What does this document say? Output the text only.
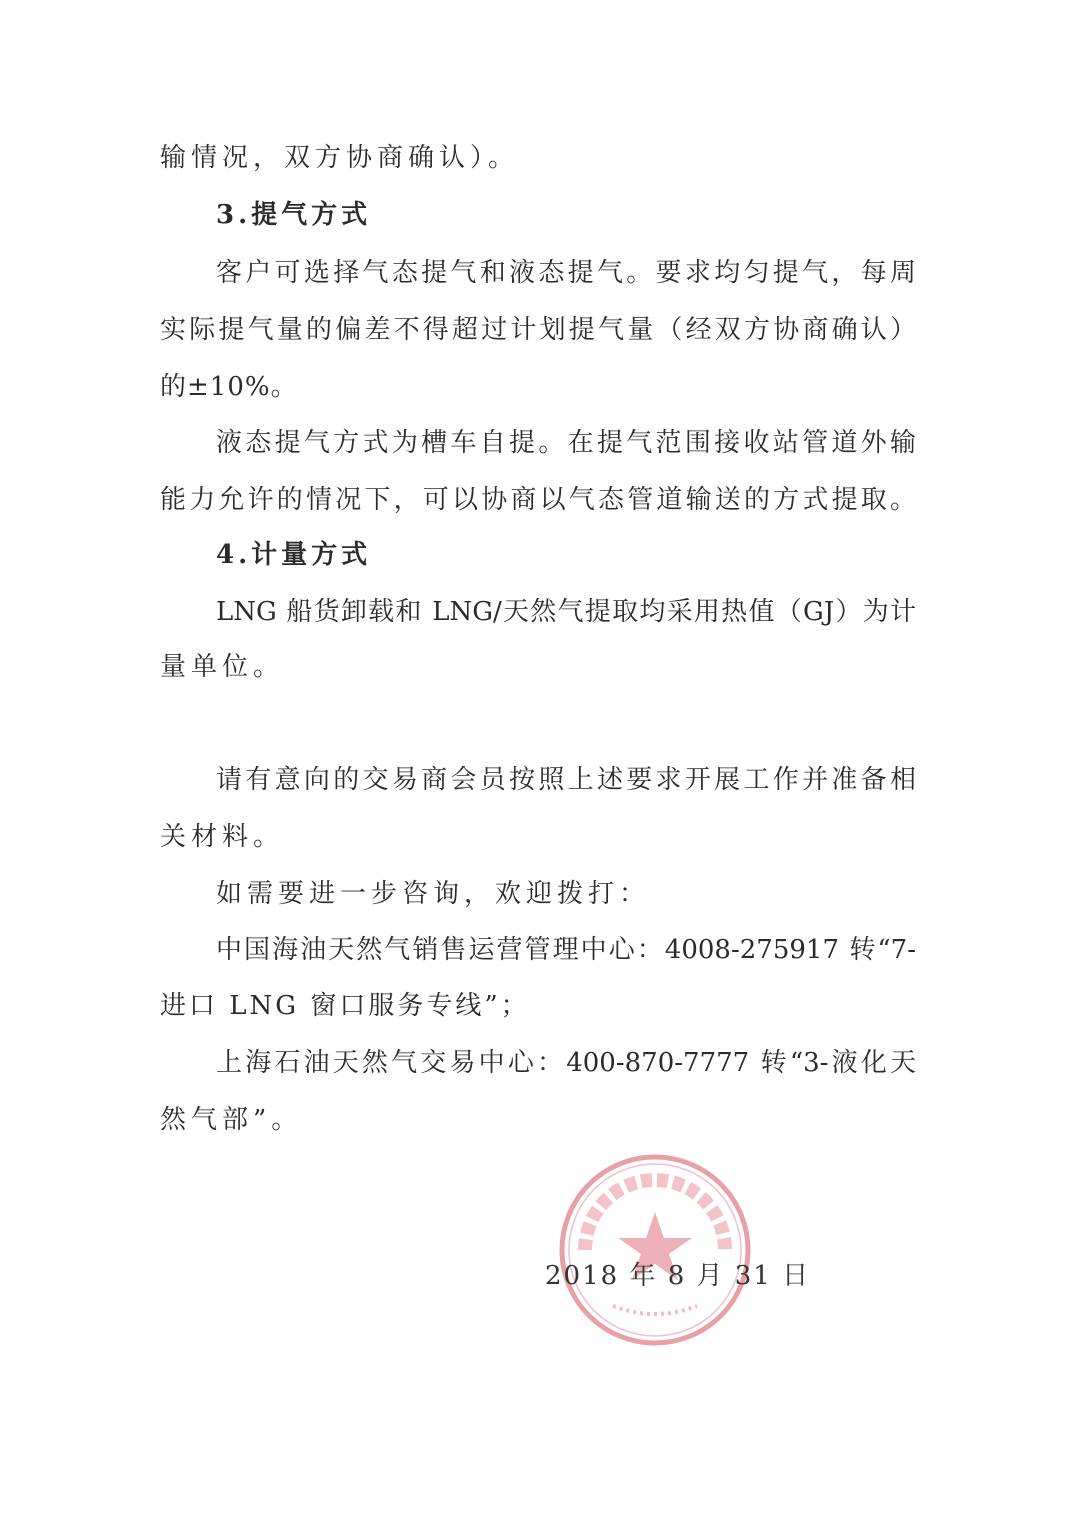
输情况，双方协商确认）。
3.提气方式
客户可选择气态提气和液态提气。要求均匀提气，每周
实际提气量的偏差不得超过计划提气量（经双方协商确认）
的±10%。
液态提气方式为槽车自提。在提气范围接收站管道外输
能力允许的情况下，可以协商以气态管道输送的方式提取。
4.计量方式
LNG 船货卸载和 LNG/天然气提取均采用热值（GJ）为计
量单位。
请有意向的交易商会员按照上述要求开展工作并准备相
关材料。
如需要进一步咨询，欢迎拨打：
中国海油天然气销售运营管理中心：4008-275917 转“7-
进口 LNG 窗口服务专线”；
上海石油天然气交易中心：400-870-7777 转“3-液化天
然气部”。
2018 年 8 月 31 日
